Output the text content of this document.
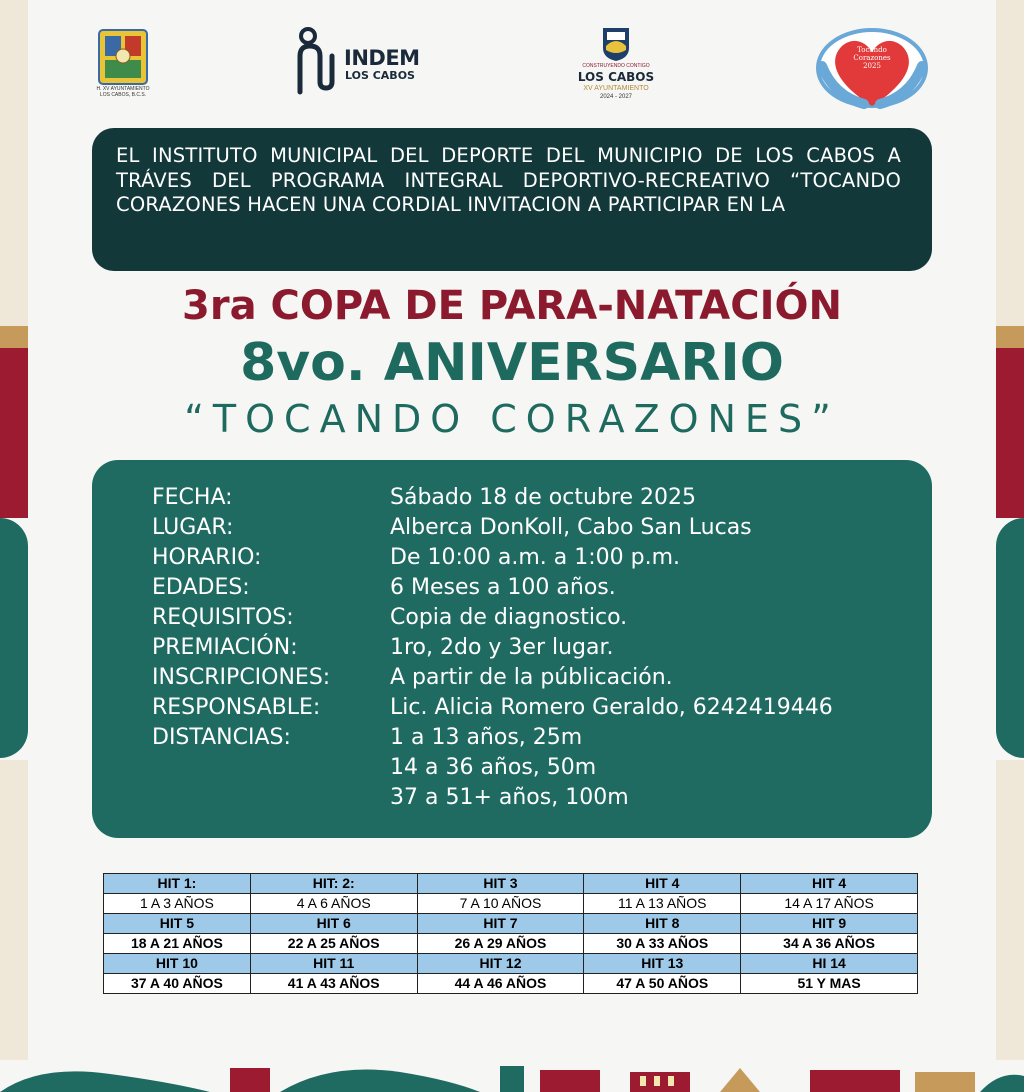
H. XV AYUNTAMIENTO LOS CABOS, B.C.S.
INDEM
LOS CABOS
CONSTRUYENDO CONTIGO
LOS CABOS
XV AYUNTAMIENTO
2024 - 2027
Tocando
Corazones
2025
EL INSTITUTO MUNICIPAL DEL DEPORTE DEL MUNICIPIO DE LOS CABOS A TRÁVES DEL PROGRAMA INTEGRAL DEPORTIVO-RECREATIVO “TOCANDO CORAZONES HACEN UNA CORDIAL INVITACION A PARTICIPAR EN LA
3ra COPA DE PARA-NATACIÓN
8vo. ANIVERSARIO
“TOCANDO CORAZONES”
FECHA:	Sábado 18 de octubre 2025
LUGAR:	Alberca DonKoll, Cabo San Lucas
HORARIO:	De 10:00 a.m. a 1:00 p.m.
EDADES:	6 Meses a 100 años.
REQUISITOS:	Copia de diagnostico.
PREMIACIÓN:	1ro, 2do y 3er lugar.
INSCRIPCIONES:	A partir de la públicación.
RESPONSABLE:	Lic. Alicia Romero Geraldo, 6242419446
DISTANCIAS:	1 a 13 años, 25m
14 a 36 años, 50m
37 a 51+ años, 100m
HIT 1:	HIT: 2:	HIT 3	HIT 4	HIT 4
1 A 3 AÑOS	4 A 6 AÑOS	7 A 10 AÑOS	11 A 13 AÑOS	14 A 17 AÑOS
HIT 5	HIT 6	HIT 7	HIT 8	HIT 9
18 A 21 AÑOS	22 A 25 AÑOS	26 A 29 AÑOS	30 A 33 AÑOS	34 A 36 AÑOS
HIT 10	HIT 11	HIT 12	HIT 13	HI 14
37 A 40 AÑOS	41 A 43 AÑOS	44 A 46 AÑOS	47 A 50 AÑOS	51 Y MAS
